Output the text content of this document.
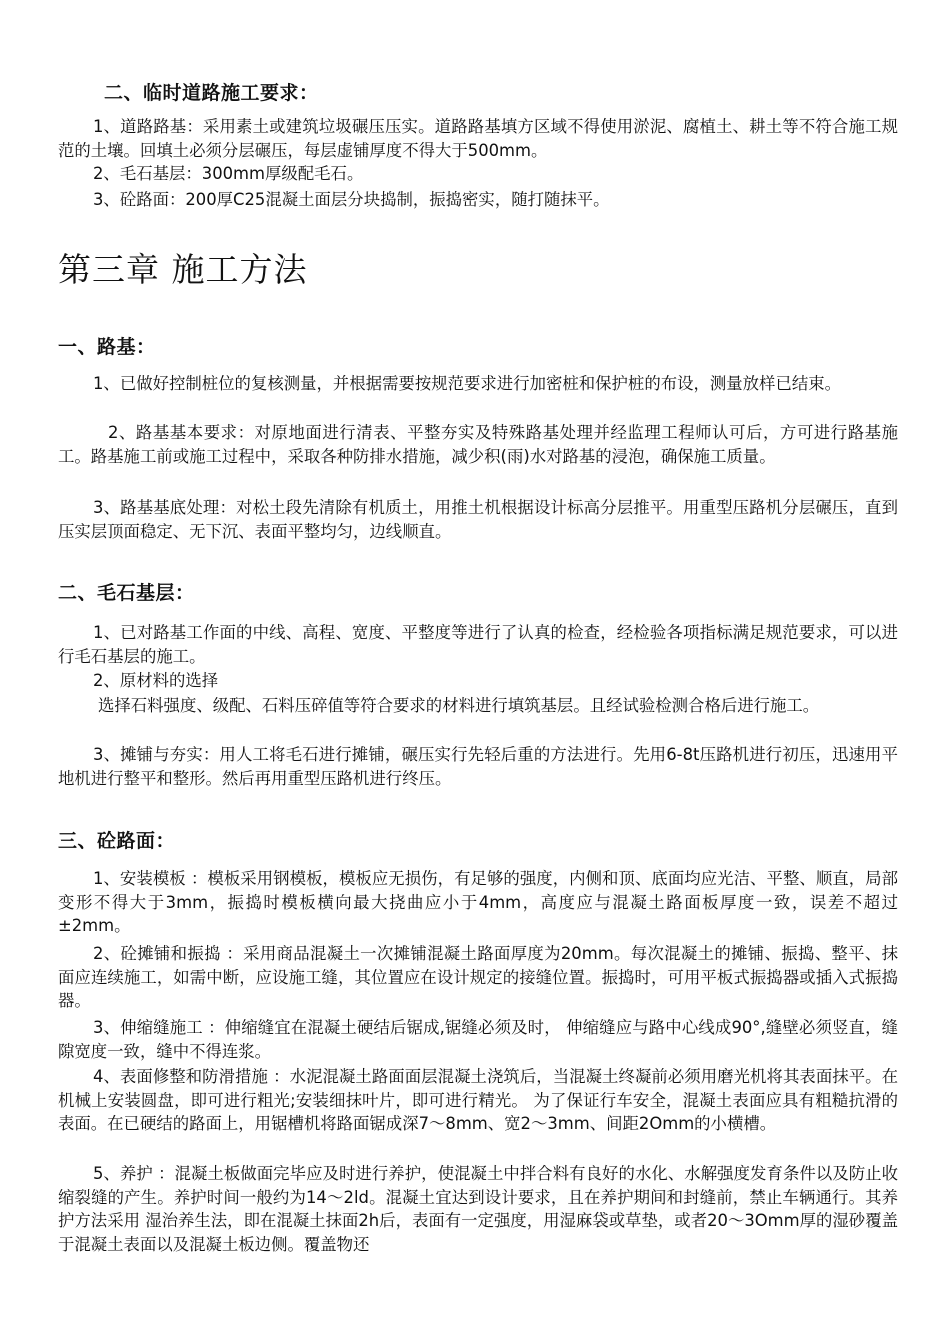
二、临时道路施工要求：
1、道路路基：采用素土或建筑垃圾碾压压实。道路路基填方区域不得使用淤泥、腐植土、耕土等不符合施工规范的土壤。回填土必须分层碾压，每层虚铺厚度不得大于500mm。
2、毛石基层：300mm厚级配毛石。
3、砼路面：200厚C25混凝土面层分块捣制，振捣密实，随打随抹平。
第三章 施工方法
一、路基：
1、已做好控制桩位的复核测量，并根据需要按规范要求进行加密桩和保护桩的布设，测量放样已结束。
2、路基基本要求：对原地面进行清表、平整夯实及特殊路基处理并经监理工程师认可后，方可进行路基施工。路基施工前或施工过程中，采取各种防排水措施，减少积(雨)水对路基的浸泡，确保施工质量。
3、路基基底处理：对松土段先清除有机质土，用推土机根据设计标高分层推平。用重型压路机分层碾压，直到压实层顶面稳定、无下沉、表面平整均匀，边线顺直。
二、毛石基层：
1、已对路基工作面的中线、高程、宽度、平整度等进行了认真的检查，经检验各项指标满足规范要求，可以进行毛石基层的施工。
2、原材料的选择
选择石料强度、级配、石料压碎值等符合要求的材料进行填筑基层。且经试验检测合格后进行施工。
3、摊铺与夯实：用人工将毛石进行摊铺，碾压实行先轻后重的方法进行。先用6-8t压路机进行初压，迅速用平地机进行整平和整形。然后再用重型压路机进行终压。
三、砼路面：
1、安装模板 ：模板采用钢模板，模板应无损伤，有足够的强度，内侧和顶、底面均应光洁、平整、顺直，局部变形不得大于3mm，振捣时模板横向最大挠曲应小于4mm，高度应与混凝土路面板厚度一致，误差不超过±2mm。
2、砼摊铺和振捣 ：采用商品混凝土一次摊铺混凝土路面厚度为20mm。每次混凝土的摊铺、振捣、整平、抹面应连续施工，如需中断，应设施工缝，其位置应在设计规定的接缝位置。振捣时，可用平板式振捣器或插入式振捣器。
3、伸缩缝施工 ：伸缩缝宜在混凝土硬结后锯成,锯缝必须及时， 伸缩缝应与路中心线成90°,缝壁必须竖直，缝隙宽度一致，缝中不得连浆。
4、表面修整和防滑措施 ：水泥混凝土路面面层混凝土浇筑后，当混凝土终凝前必须用磨光机将其表面抹平。在机械上安装圆盘，即可进行粗光;安装细抹叶片，即可进行精光。 为了保证行车安全，混凝土表面应具有粗糙抗滑的表面。在已硬结的路面上，用锯槽机将路面锯成深7～8mm、宽2～3mm、间距2Omm的小横槽。
5、养护 ：混凝土板做面完毕应及时进行养护，使混凝土中拌合料有良好的水化、水解强度发育条件以及防止收缩裂缝的产生。养护时间一般约为14～2ld。混凝土宜达到设计要求，且在养护期间和封缝前，禁止车辆通行。其养护方法采用 湿治养生法，即在混凝土抹面2h后，表面有一定强度，用湿麻袋或草垫，或者20～3Omm厚的湿砂覆盖于混凝土表面以及混凝土板边侧。覆盖物还
